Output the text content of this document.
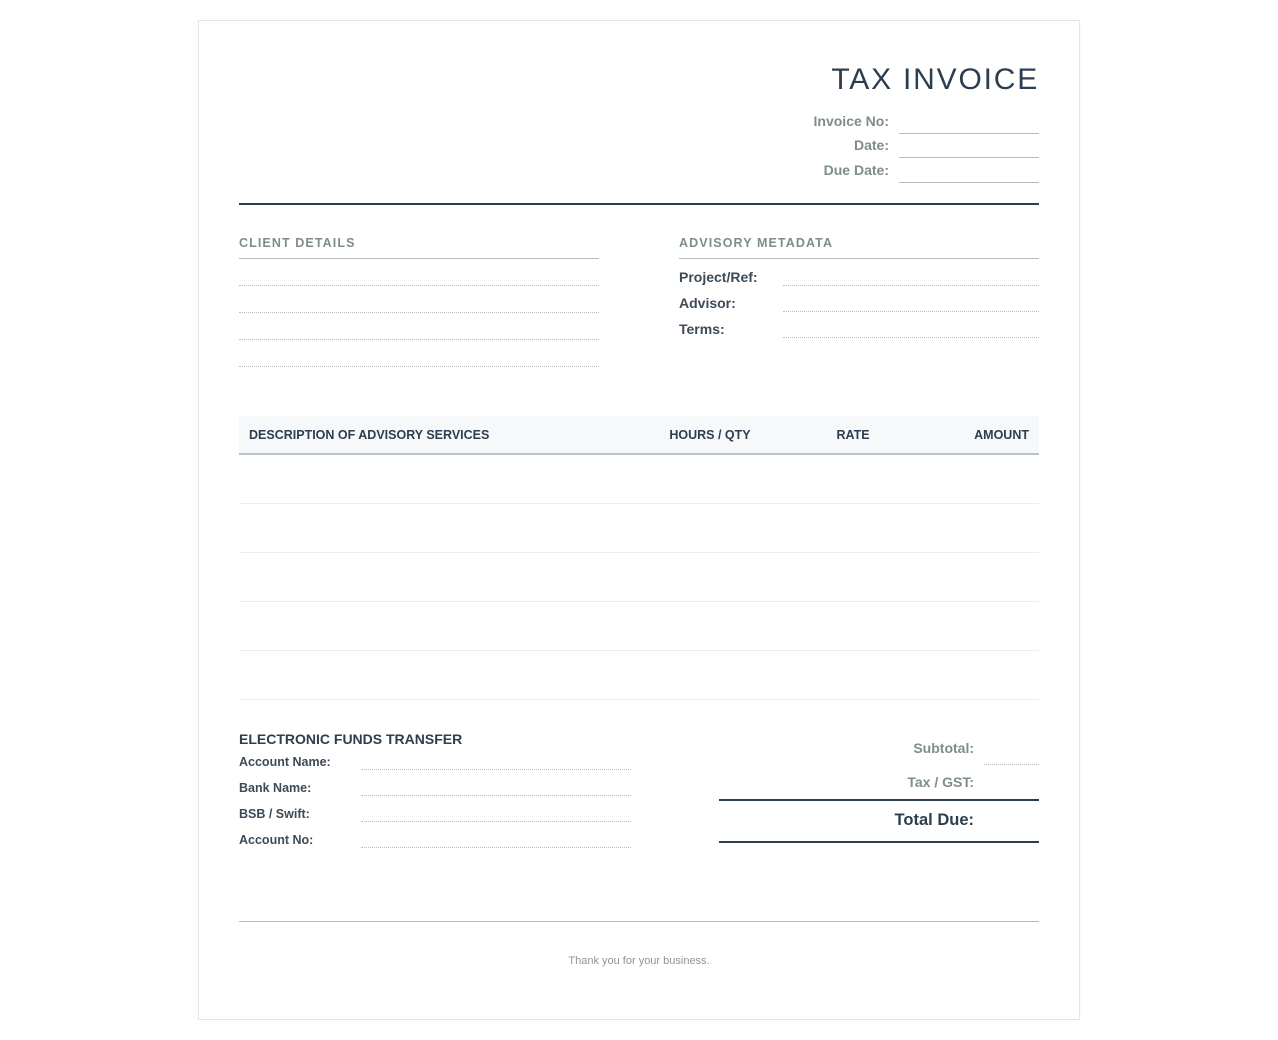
TAX INVOICE
Invoice No:
Date:
Due Date:
CLIENT DETAILS	ADVISORY METADATA
Project/Ref:
Advisor:
Terms:
DESCRIPTION OF ADVISORY SERVICES	HOURS / QTY	RATE	AMOUNT
ELECTRONIC FUNDS TRANSFER
Account Name:
Bank Name:
BSB / Swift:
Account No:
Subtotal:
Tax / GST:
Total Due:
Thank you for your business.
